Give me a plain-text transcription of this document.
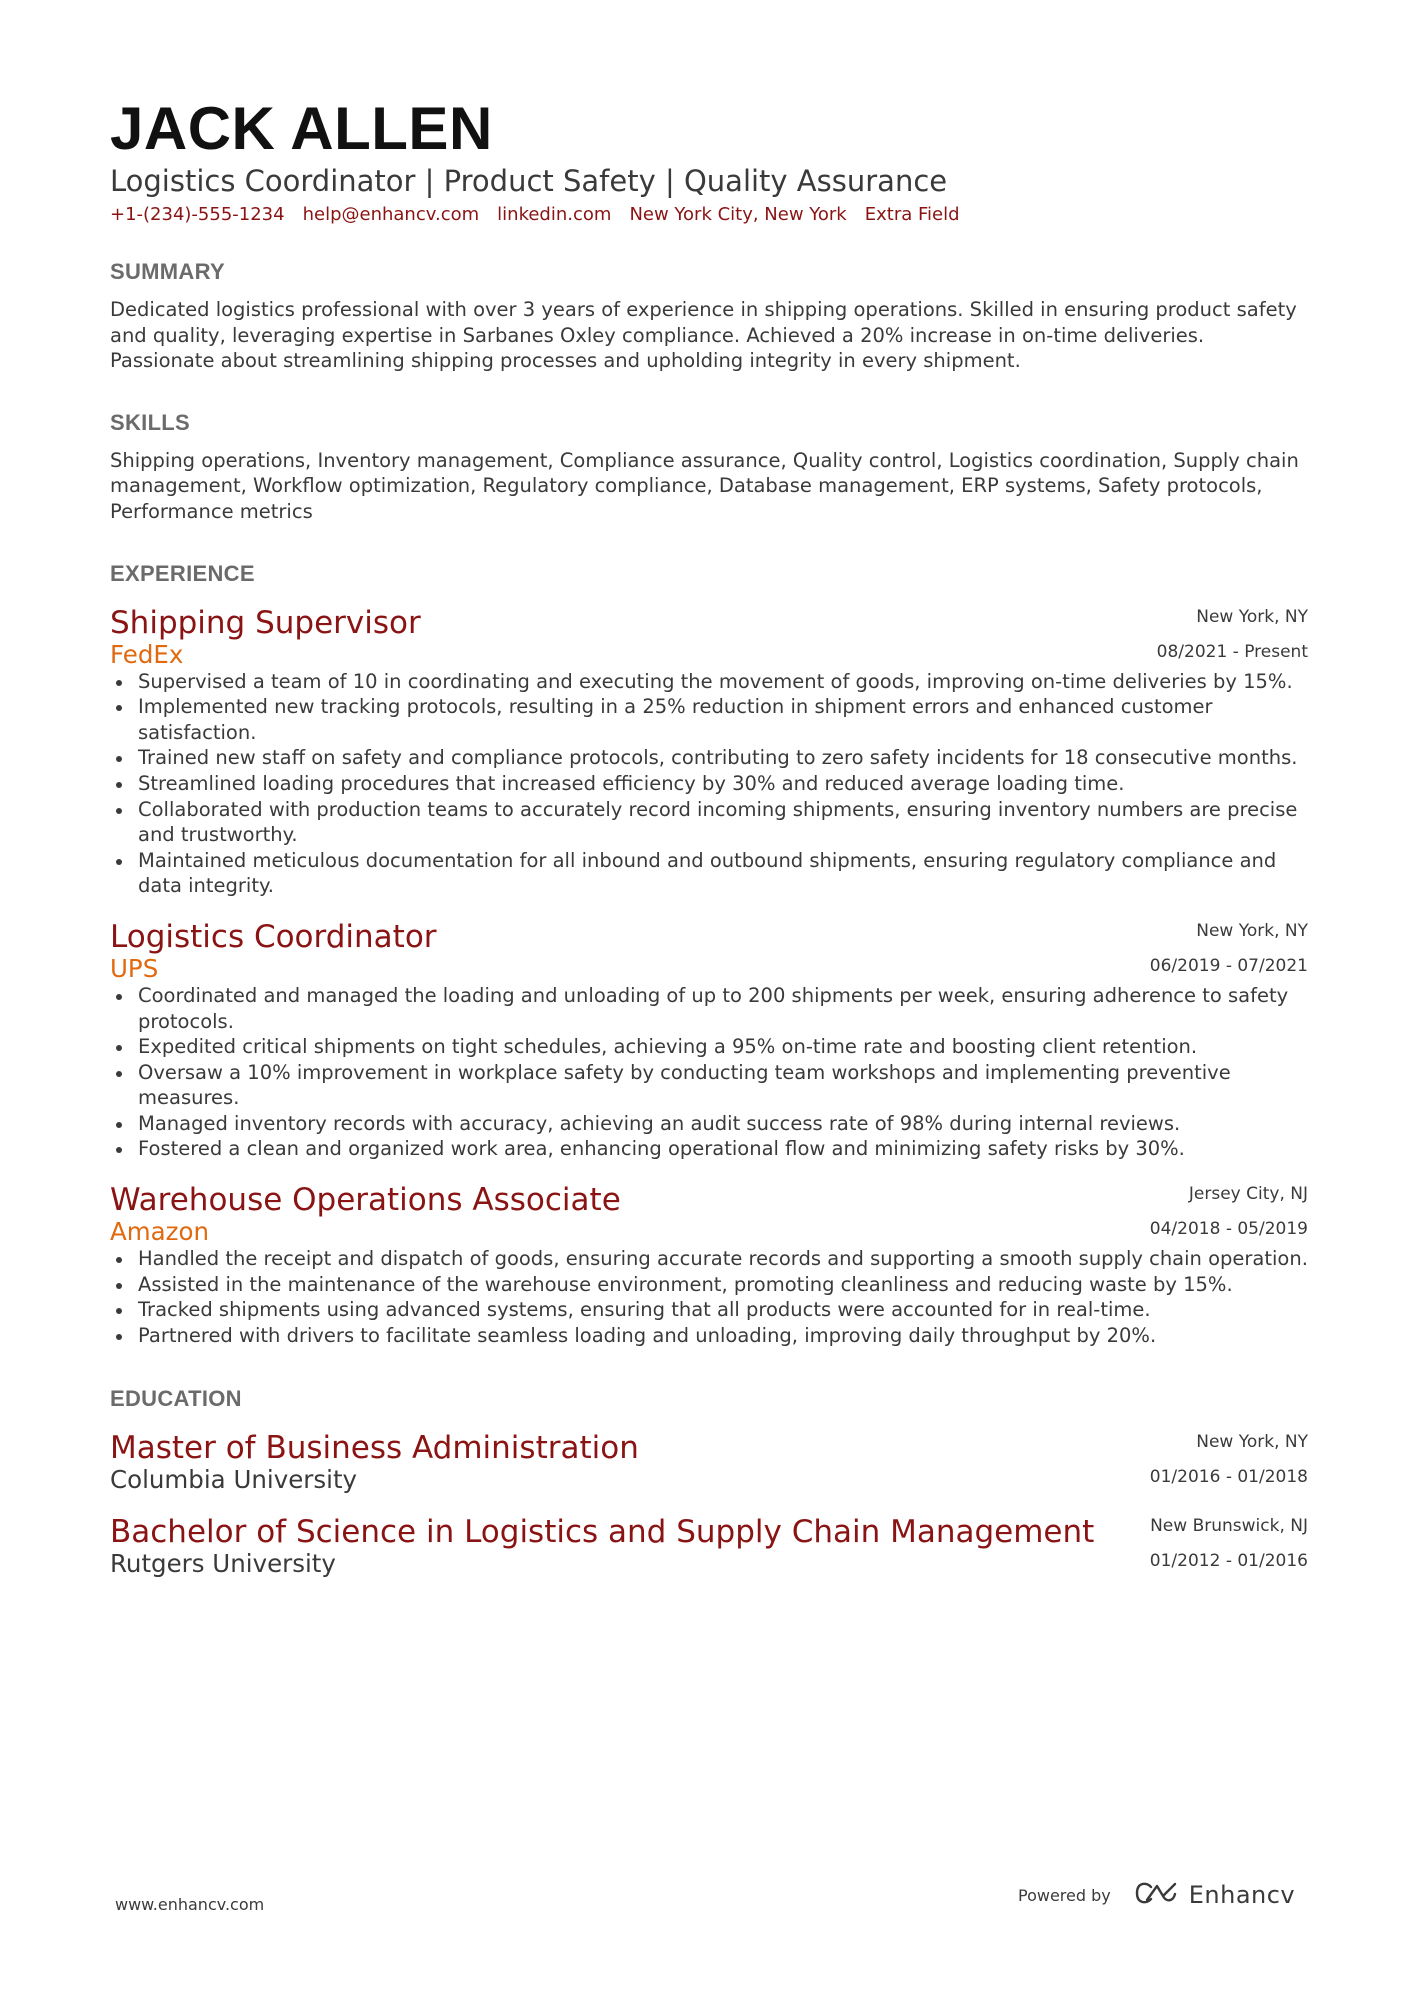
JACK ALLEN
Logistics Coordinator | Product Safety | Quality Assurance
+1-(234)-555-1234 help@enhancv.com linkedin.com New York City, New York Extra Field
SUMMARY
Dedicated logistics professional with over 3 years of experience in shipping operations. Skilled in ensuring product safety and quality, leveraging expertise in Sarbanes Oxley compliance. Achieved a 20% increase in on-time deliveries. Passionate about streamlining shipping processes and upholding integrity in every shipment.
SKILLS
Shipping operations, Inventory management, Compliance assurance, Quality control, Logistics coordination, Supply chain management, Workflow optimization, Regulatory compliance, Database management, ERP systems, Safety protocols, Performance metrics
EXPERIENCE
Shipping Supervisor
FedEx
New York, NY
08/2021 - Present
Supervised a team of 10 in coordinating and executing the movement of goods, improving on-time deliveries by 15%.
Implemented new tracking protocols, resulting in a 25% reduction in shipment errors and enhanced customer satisfaction.
Trained new staff on safety and compliance protocols, contributing to zero safety incidents for 18 consecutive months.
Streamlined loading procedures that increased efficiency by 30% and reduced average loading time.
Collaborated with production teams to accurately record incoming shipments, ensuring inventory numbers are precise and trustworthy.
Maintained meticulous documentation for all inbound and outbound shipments, ensuring regulatory compliance and data integrity.
Logistics Coordinator
UPS
New York, NY
06/2019 - 07/2021
Coordinated and managed the loading and unloading of up to 200 shipments per week, ensuring adherence to safety protocols.
Expedited critical shipments on tight schedules, achieving a 95% on-time rate and boosting client retention.
Oversaw a 10% improvement in workplace safety by conducting team workshops and implementing preventive measures.
Managed inventory records with accuracy, achieving an audit success rate of 98% during internal reviews.
Fostered a clean and organized work area, enhancing operational flow and minimizing safety risks by 30%.
Warehouse Operations Associate
Amazon
Jersey City, NJ
04/2018 - 05/2019
Handled the receipt and dispatch of goods, ensuring accurate records and supporting a smooth supply chain operation.
Assisted in the maintenance of the warehouse environment, promoting cleanliness and reducing waste by 15%.
Tracked shipments using advanced systems, ensuring that all products were accounted for in real-time.
Partnered with drivers to facilitate seamless loading and unloading, improving daily throughput by 20%.
EDUCATION
Master of Business Administration
Columbia University
New York, NY
01/2016 - 01/2018
Bachelor of Science in Logistics and Supply Chain Management
Rutgers University
New Brunswick, NJ
01/2012 - 01/2016
www.enhancv.com	Powered by	Enhancv
